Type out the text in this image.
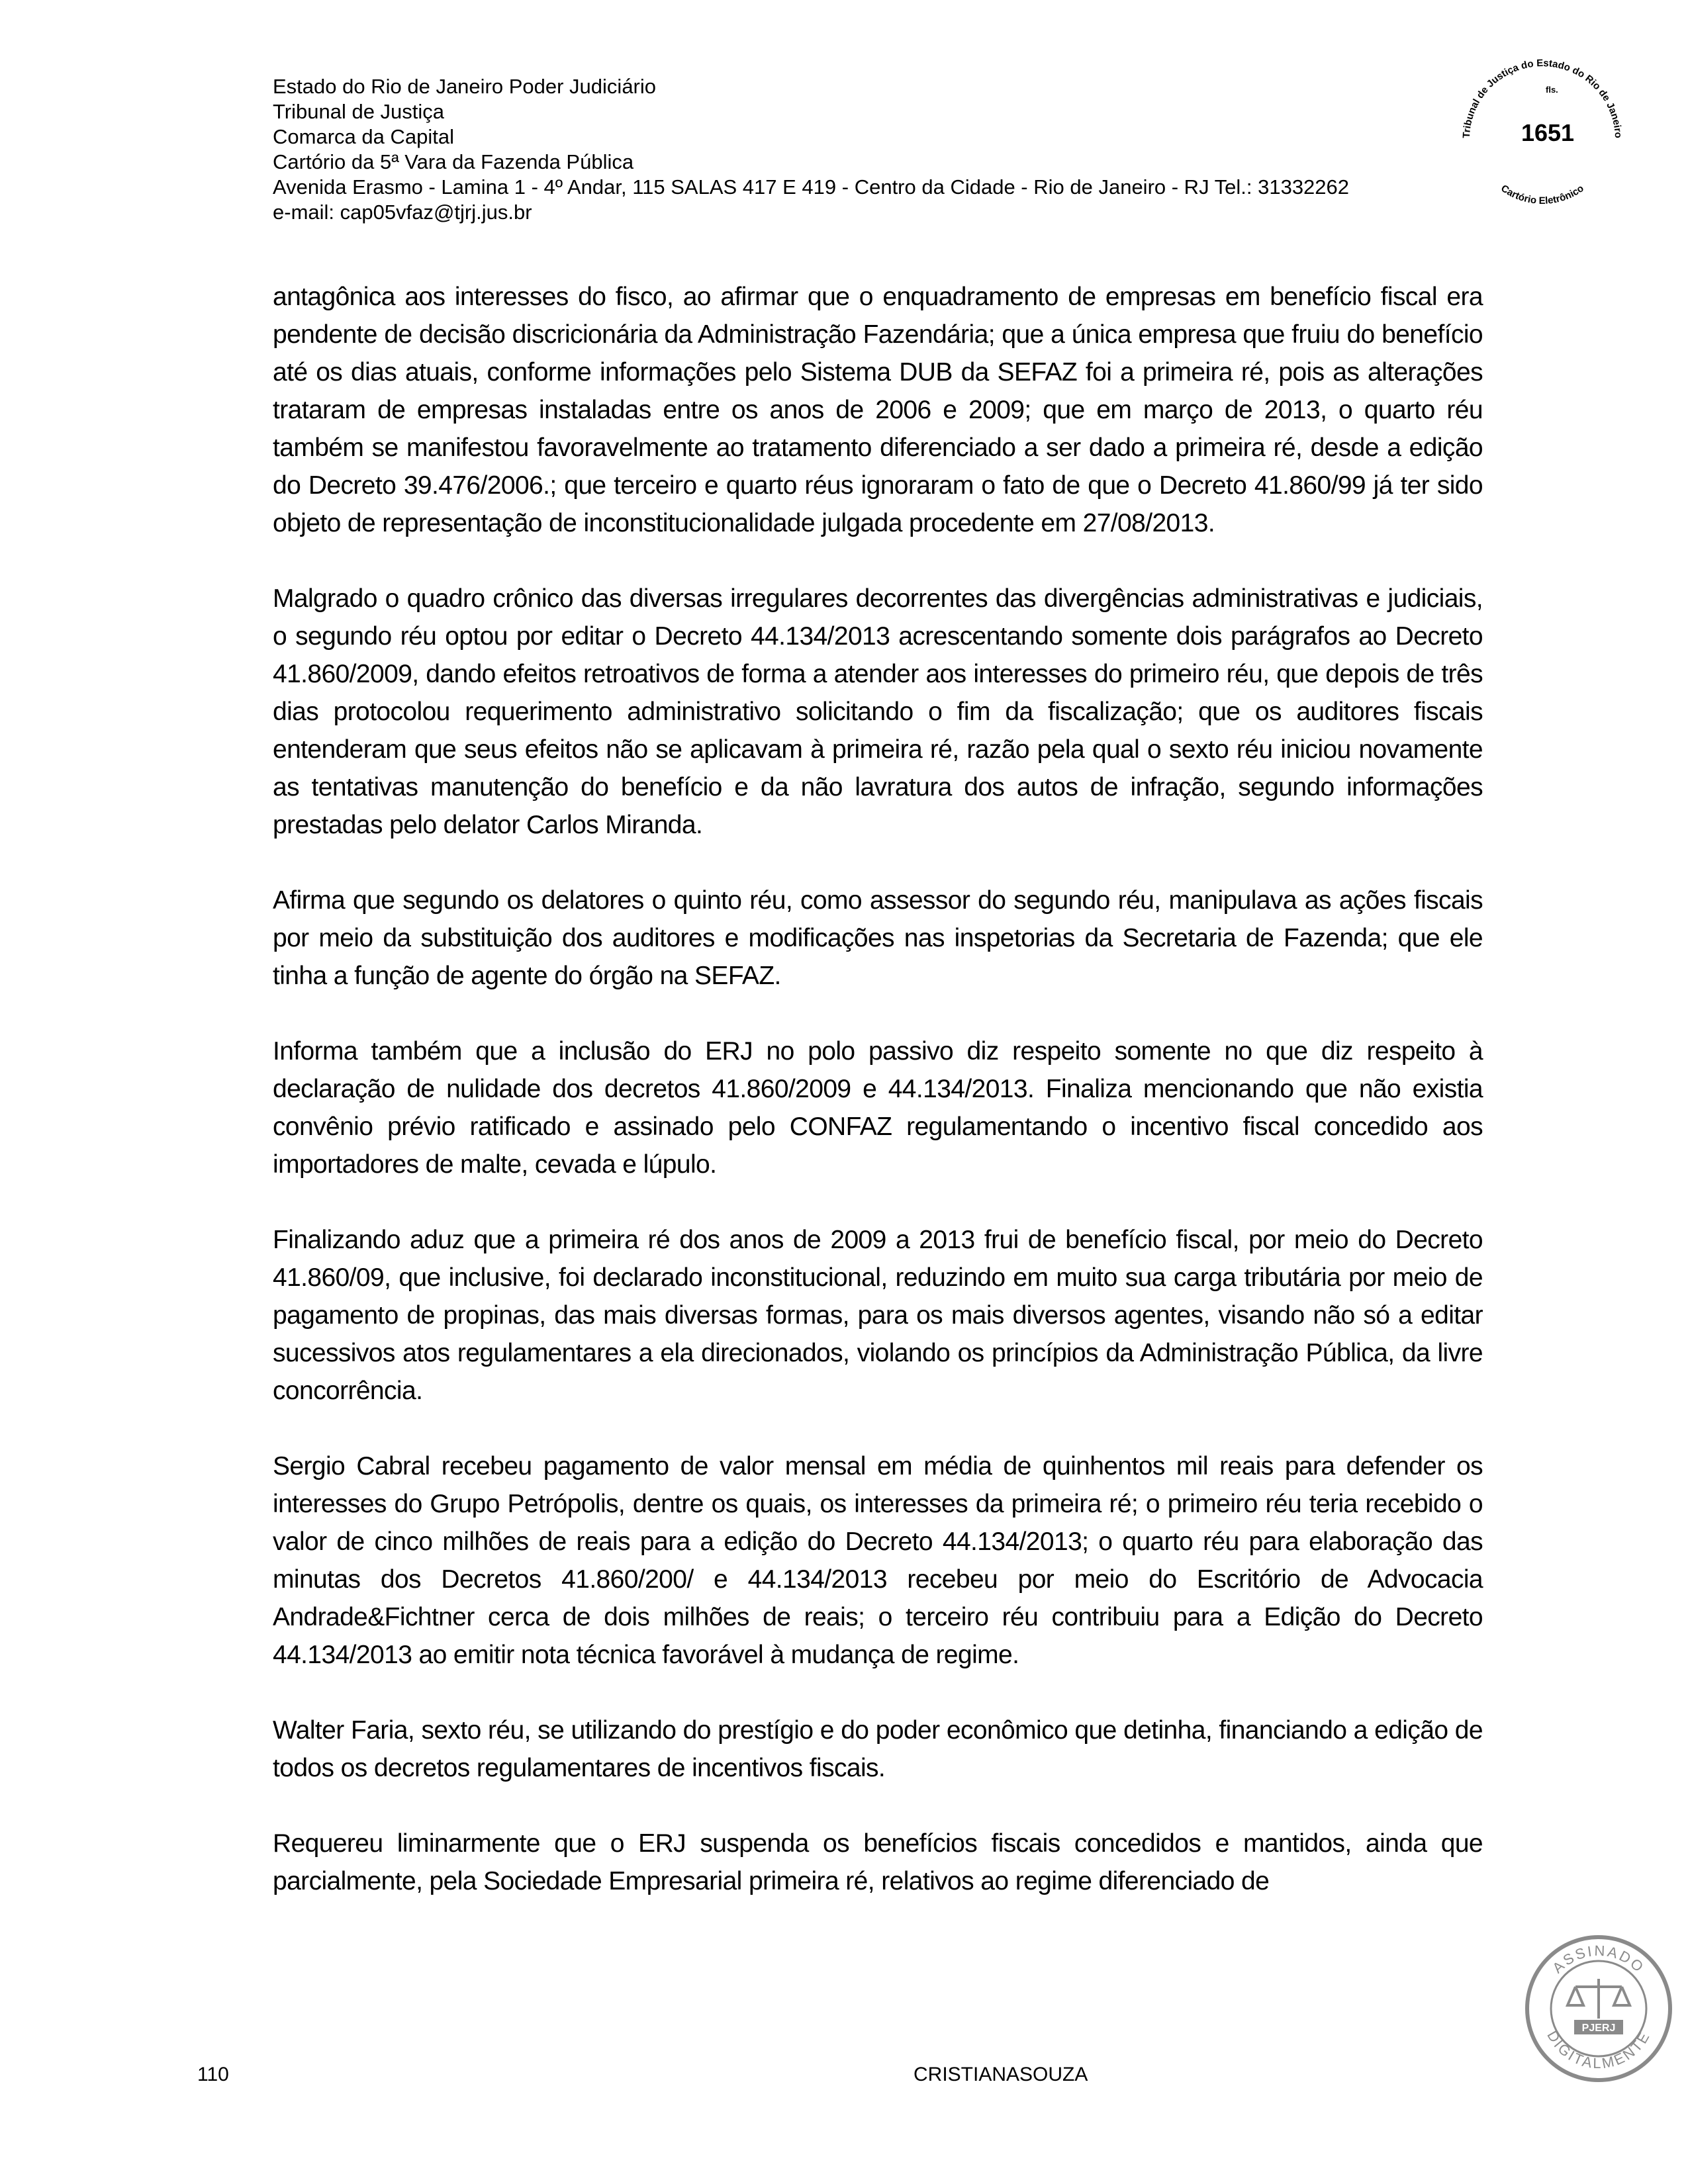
Estado do Rio de Janeiro Poder Judiciário
Tribunal de Justiça
Comarca da Capital
Cartório da 5ª Vara da Fazenda Pública
Avenida Erasmo - Lamina 1 - 4º Andar, 115 SALAS 417 E 419 - Centro da Cidade - Rio de Janeiro - RJ Tel.: 31332262
e-mail: cap05vfaz@tjrj.jus.br
Tribunal de Justiça do Estado do Rio de Janeiro
Cartório Eletrônico
fls.
1651

antagônica aos interesses do fisco, ao afirmar que o enquadramento de empresas em benefício fiscal era pendente de decisão discricionária da Administração Fazendária; que a única empresa que fruiu do benefício até os dias atuais, conforme informações pelo Sistema DUB da SEFAZ foi a primeira ré, pois as alterações trataram de empresas instaladas entre os anos de 2006 e 2009; que em março de 2013, o quarto réu também se manifestou favoravelmente ao tratamento diferenciado a ser dado a primeira ré, desde a edição do Decreto 39.476/2006.; que terceiro e quarto réus ignoraram o fato de que o Decreto 41.860/99 já ter sido objeto de representação de inconstitucionalidade julgada procedente em 27/08/2013.

Malgrado o quadro crônico das diversas irregulares decorrentes das divergências administrativas e judiciais, o segundo réu optou por editar o Decreto 44.134/2013 acrescentando somente dois parágrafos ao Decreto 41.860/2009, dando efeitos retroativos de forma a atender aos interesses do primeiro réu, que depois de três dias protocolou requerimento administrativo solicitando o fim da fiscalização; que os auditores fiscais entenderam que seus efeitos não se aplicavam à primeira ré, razão pela qual o sexto réu iniciou novamente as tentativas manutenção do benefício e da não lavratura dos autos de infração, segundo informações prestadas pelo delator Carlos Miranda.

Afirma que segundo os delatores o quinto réu, como assessor do segundo réu, manipulava as ações fiscais por meio da substituição dos auditores e modificações nas inspetorias da Secretaria de Fazenda; que ele tinha a função de agente do órgão na SEFAZ.

Informa também que a inclusão do ERJ no polo passivo diz respeito somente no que diz respeito à declaração de nulidade dos decretos 41.860/2009 e 44.134/2013. Finaliza mencionando que não existia convênio prévio ratificado e assinado pelo CONFAZ regulamentando o incentivo fiscal concedido aos importadores de malte, cevada e lúpulo.

Finalizando aduz que a primeira ré dos anos de 2009 a 2013 frui de benefício fiscal, por meio do Decreto 41.860/09, que inclusive, foi declarado inconstitucional, reduzindo em muito sua carga tributária por meio de pagamento de propinas, das mais diversas formas, para os mais diversos agentes, visando não só a editar sucessivos atos regulamentares a ela direcionados, violando os princípios da Administração Pública, da livre concorrência.

Sergio Cabral recebeu pagamento de valor mensal em média de quinhentos mil reais para defender os interesses do Grupo Petrópolis, dentre os quais, os interesses da primeira ré; o primeiro réu teria recebido o valor de cinco milhões de reais para a edição do Decreto 44.134/2013; o quarto réu para elaboração das minutas dos Decretos 41.860/200/ e 44.134/2013 recebeu por meio do Escritório de Advocacia Andrade&Fichtner cerca de dois milhões de reais; o terceiro réu contribuiu para a Edição do Decreto 44.134/2013 ao emitir nota técnica favorável à mudança de regime.

Walter Faria, sexto réu, se utilizando do prestígio e do poder econômico que detinha, financiando a edição de todos os decretos regulamentares de incentivos fiscais.

Requereu liminarmente que o ERJ suspenda os benefícios fiscais concedidos e mantidos, ainda que parcialmente, pela Sociedade Empresarial primeira ré, relativos ao regime diferenciado de

ASSINADO
DIGITALMENTE
PJERJ
110	CRISTIANASOUZA
